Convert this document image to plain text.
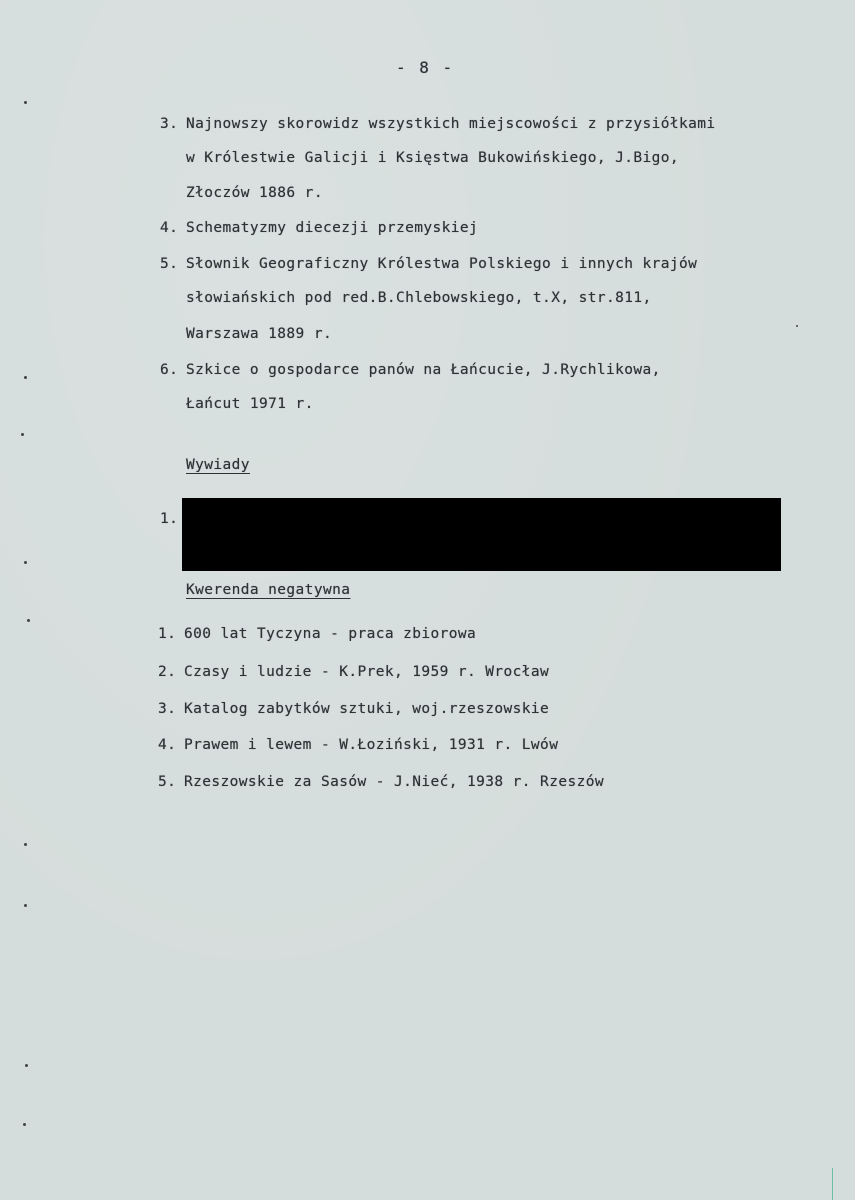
- 8 -
3. Najnowszy skorowidz wszystkich miejscowości z przysiółkami
w Królestwie Galicji i Księstwa Bukowińskiego, J.Bigo,
Złoczów 1886 r.
4. Schematyzmy diecezji przemyskiej
5. Słownik Geograficzny Królestwa Polskiego i innych krajów
słowiańskich pod red.B.Chlebowskiego, t.X, str.811,
Warszawa 1889 r.
6. Szkice o gospodarce panów na Łańcucie, J.Rychlikowa,
Łańcut 1971 r.
Wywiady
1.
Kwerenda negatywna
1. 600 lat Tyczyna - praca zbiorowa
2. Czasy i ludzie - K.Prek, 1959 r. Wrocław
3. Katalog zabytków sztuki, woj.rzeszowskie
4. Prawem i lewem - W.Łoziński, 1931 r. Lwów
5. Rzeszowskie za Sasów - J.Nieć, 1938 r. Rzeszów
